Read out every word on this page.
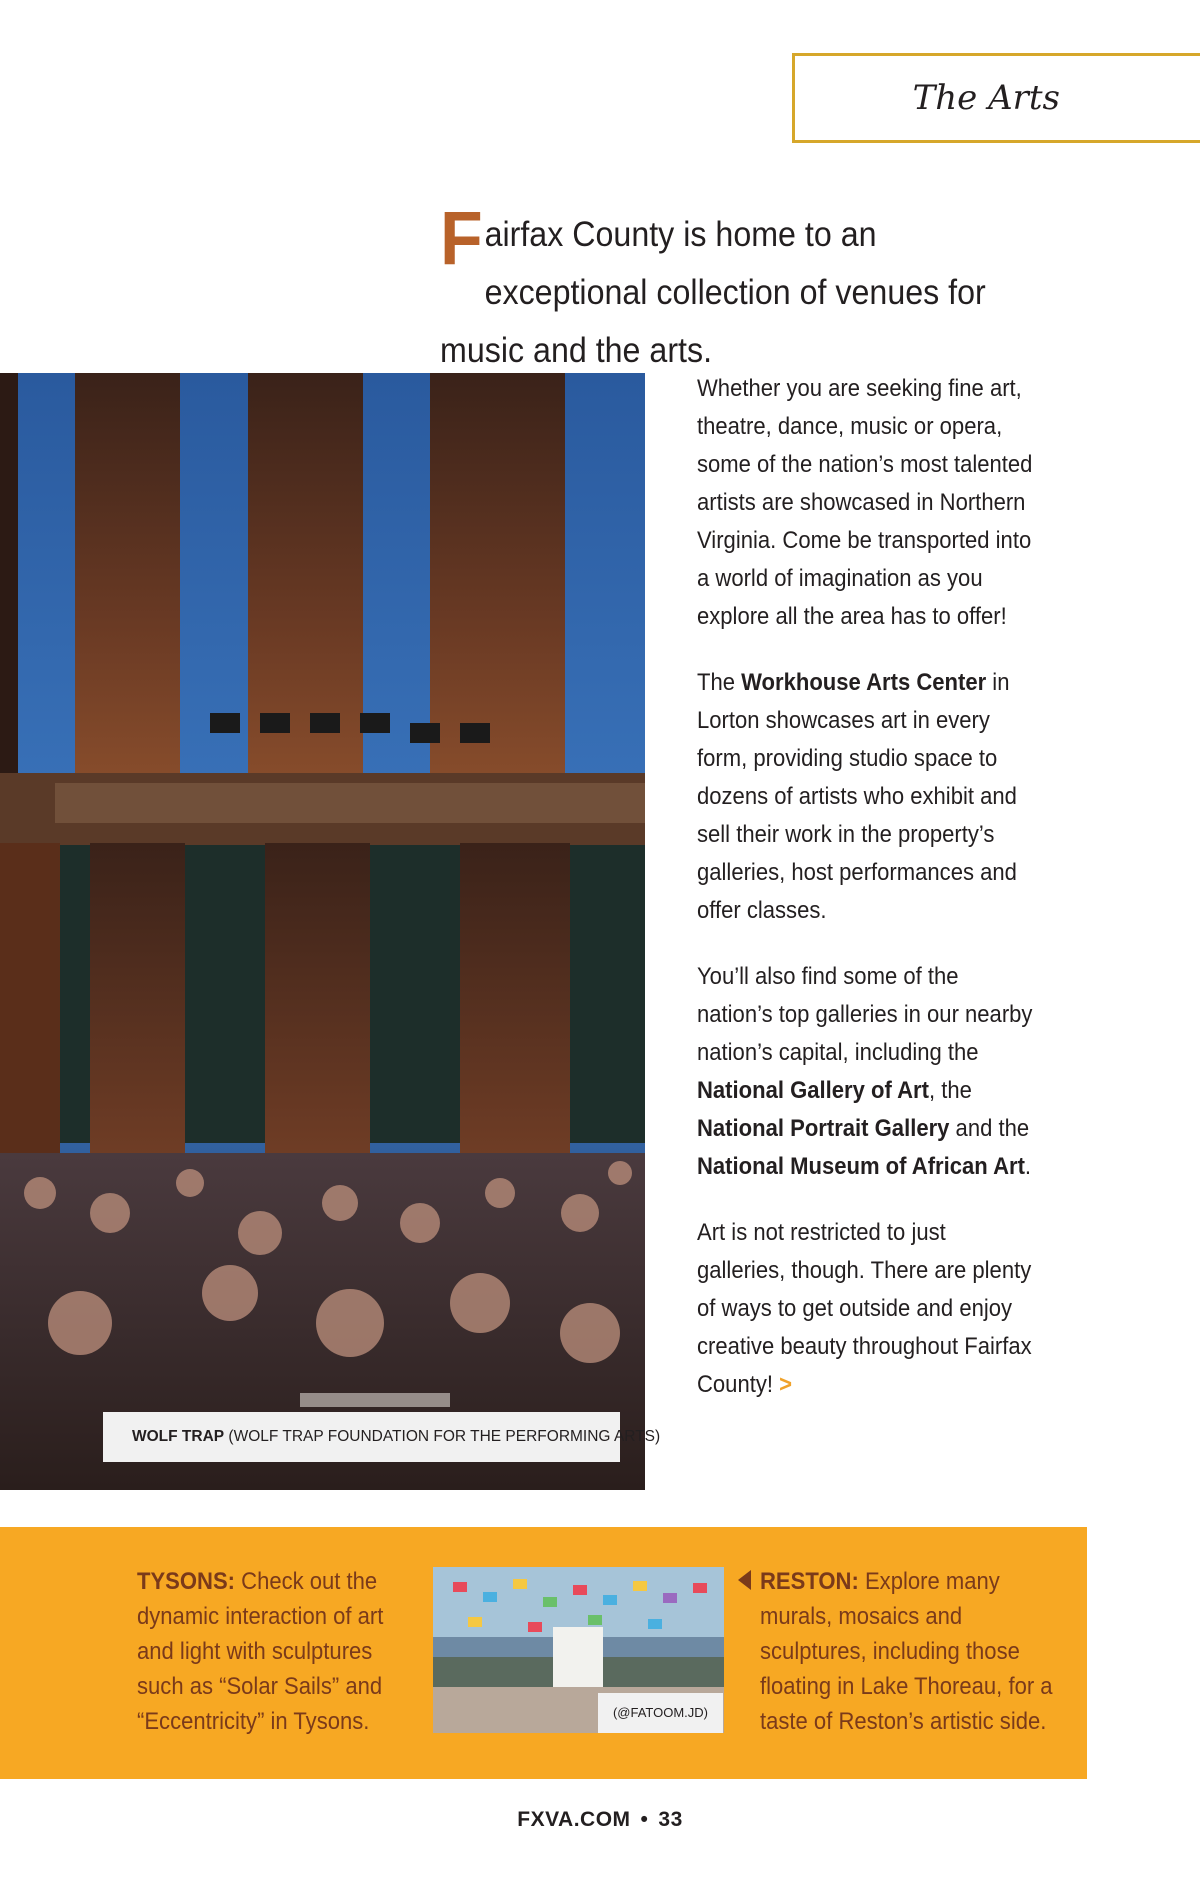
The Arts
Fairfax County is home to an exceptional collection of venues for music and the arts.
WOLF TRAP (WOLF TRAP FOUNDATION FOR THE PERFORMING ARTS)

Whether you are seeking fine art, theatre, dance, music or opera, some of the nation’s most talented artists are showcased in Northern Virginia. Come be transported into a world of imagination as you explore all the area has to offer!

The Workhouse Arts Center in Lorton showcases art in every form, providing studio space to dozens of artists who exhibit and sell their work in the property’s galleries, host performances and offer classes.

You’ll also find some of the nation’s top galleries in our nearby nation’s capital, including the National Gallery of Art, the National Portrait Gallery and the National Museum of African Art.

Art is not restricted to just galleries, though. There are plenty of ways to get outside and enjoy creative beauty throughout Fairfax County! >

TYSONS: Check out the dynamic interaction of art and light with sculptures such as “Solar Sails” and “Eccentricity” in Tysons.	(@FATOOM.JD)
RESTON: Explore many murals, mosaics and sculptures, including those floating in Lake Thoreau, for a taste of Reston’s artistic side.
FXVA.COM • 33
